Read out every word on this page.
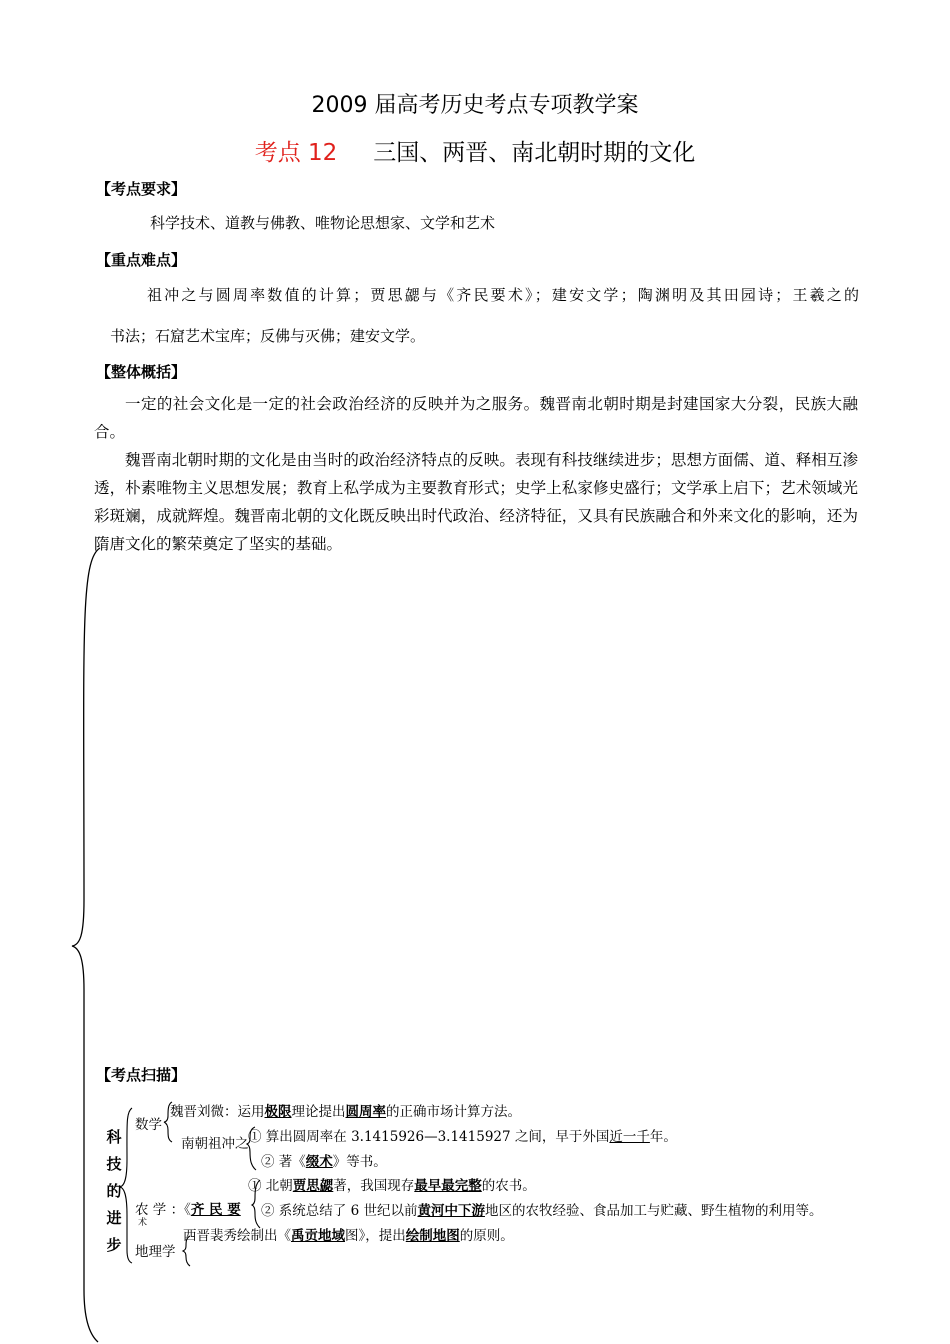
2009 届高考历史考点专项教学案
考点 12 三国、两晋、南北朝时期的文化
【考点要求】
科学技术、道教与佛教、唯物论思想家、文学和艺术
【重点难点】
祖冲之与圆周率数值的计算；贾思勰与《齐民要术》；建安文学；陶渊明及其田园诗；王羲之的
书法；石窟艺术宝库；反佛与灭佛；建安文学。
【整体概括】
一定的社会文化是一定的社会政治经济的反映并为之服务。魏晋南北朝时期是封建国家大分裂，民族大融合。
魏晋南北朝时期的文化是由当时的政治经济特点的反映。表现有科技继续进步；思想方面儒、道、释相互渗透，朴素唯物主义思想发展；教育上私学成为主要教育形式；史学上私家修史盛行；文学承上启下；艺术领域光彩斑斓，成就辉煌。魏晋南北朝的文化既反映出时代政治、经济特征，又具有民族融合和外来文化的影响，还为隋唐文化的繁荣奠定了坚实的基础。
【考点扫描】
科
技
的
进
步
数学
魏晋刘微：运用极限理论提出圆周率的正确市场计算方法。
南朝祖冲之 ① 算出圆周率在 3.1415926—3.1415927 之间，早于外国近一千年。
② 著《缀术》等书。
① 北朝贾思勰著，我国现存最早最完整的农书。
农 学 ：《齐 民 要
术
② 系统总结了 6 世纪以前黄河中下游地区的农牧经验、食品加工与贮藏、野生植物的利用等。
西晋裴秀绘制出《禹贡地域图》，提出绘制地图的原则。
地理学
